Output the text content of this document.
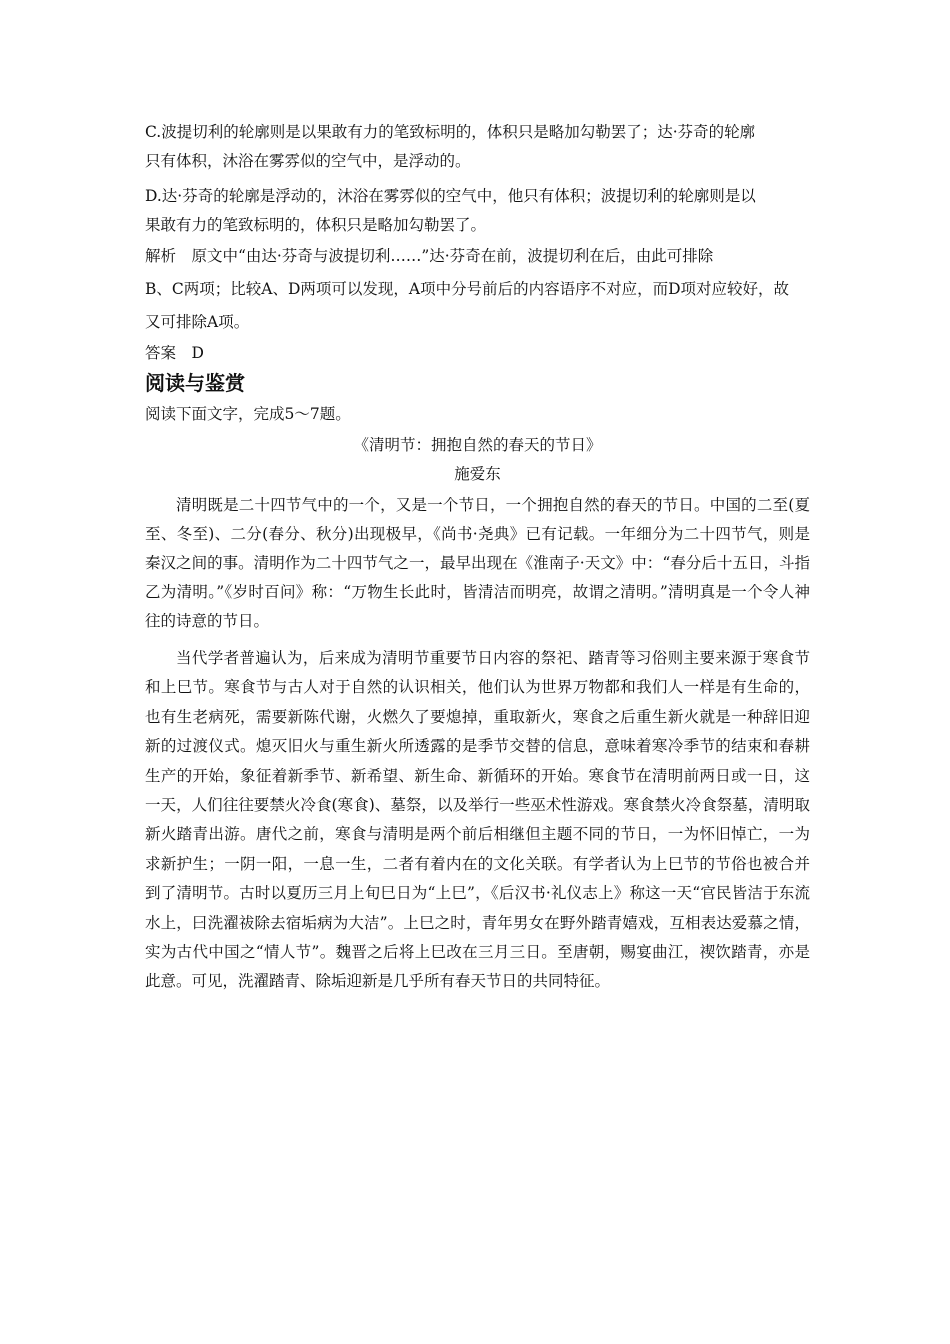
C.波提切利的轮廓则是以果敢有力的笔致标明的，体积只是略加勾勒罢了；达·芬奇的轮廓

只有体积，沐浴在雾雰似的空气中，是浮动的。

D.达·芬奇的轮廓是浮动的，沐浴在雾雰似的空气中，他只有体积；波提切利的轮廓则是以

果敢有力的笔致标明的，体积只是略加勾勒罢了。

解析　原文中“由达·芬奇与波提切利……”达·芬奇在前，波提切利在后，由此可排除

B、C两项；比较A、D两项可以发现，A项中分号前后的内容语序不对应，而D项对应较好，故

又可排除A项。

答案　D

阅读与鉴赏

阅读下面文字，完成5～7题。

《清明节：拥抱自然的春天的节日》

施爱东

清明既是二十四节气中的一个，又是一个节日，一个拥抱自然的春天的节日。中国的二至(夏至、冬至)、二分(春分、秋分)出现极早，《尚书·尧典》已有记载。一年细分为二十四节气，则是秦汉之间的事。清明作为二十四节气之一，最早出现在《淮南子·天文》中：“春分后十五日，斗指乙为清明。”《岁时百问》称：“万物生长此时，皆清洁而明亮，故谓之清明。”清明真是一个令人神往的诗意的节日。

当代学者普遍认为，后来成为清明节重要节日内容的祭祀、踏青等习俗则主要来源于寒食节和上巳节。寒食节与古人对于自然的认识相关，他们认为世界万物都和我们人一样是有生命的，也有生老病死，需要新陈代谢，火燃久了要熄掉，重取新火，寒食之后重生新火就是一种辞旧迎新的过渡仪式。熄灭旧火与重生新火所透露的是季节交替的信息，意味着寒冷季节的结束和春耕生产的开始，象征着新季节、新希望、新生命、新循环的开始。寒食节在清明前两日或一日，这一天，人们往往要禁火冷食(寒食)、墓祭，以及举行一些巫术性游戏。寒食禁火冷食祭墓，清明取新火踏青出游。唐代之前，寒食与清明是两个前后相继但主题不同的节日，一为怀旧悼亡，一为求新护生；一阴一阳，一息一生，二者有着内在的文化关联。有学者认为上巳节的节俗也被合并到了清明节。古时以夏历三月上旬巳日为“上巳”，《后汉书·礼仪志上》称这一天“官民皆洁于东流水上，曰洗濯祓除去宿垢病为大洁”。上巳之时，青年男女在野外踏青嬉戏，互相表达爱慕之情，实为古代中国之“情人节”。魏晋之后将上巳改在三月三日。至唐朝，赐宴曲江，禊饮踏青，亦是此意。可见，洗濯踏青、除垢迎新是几乎所有春天节日的共同特征。
